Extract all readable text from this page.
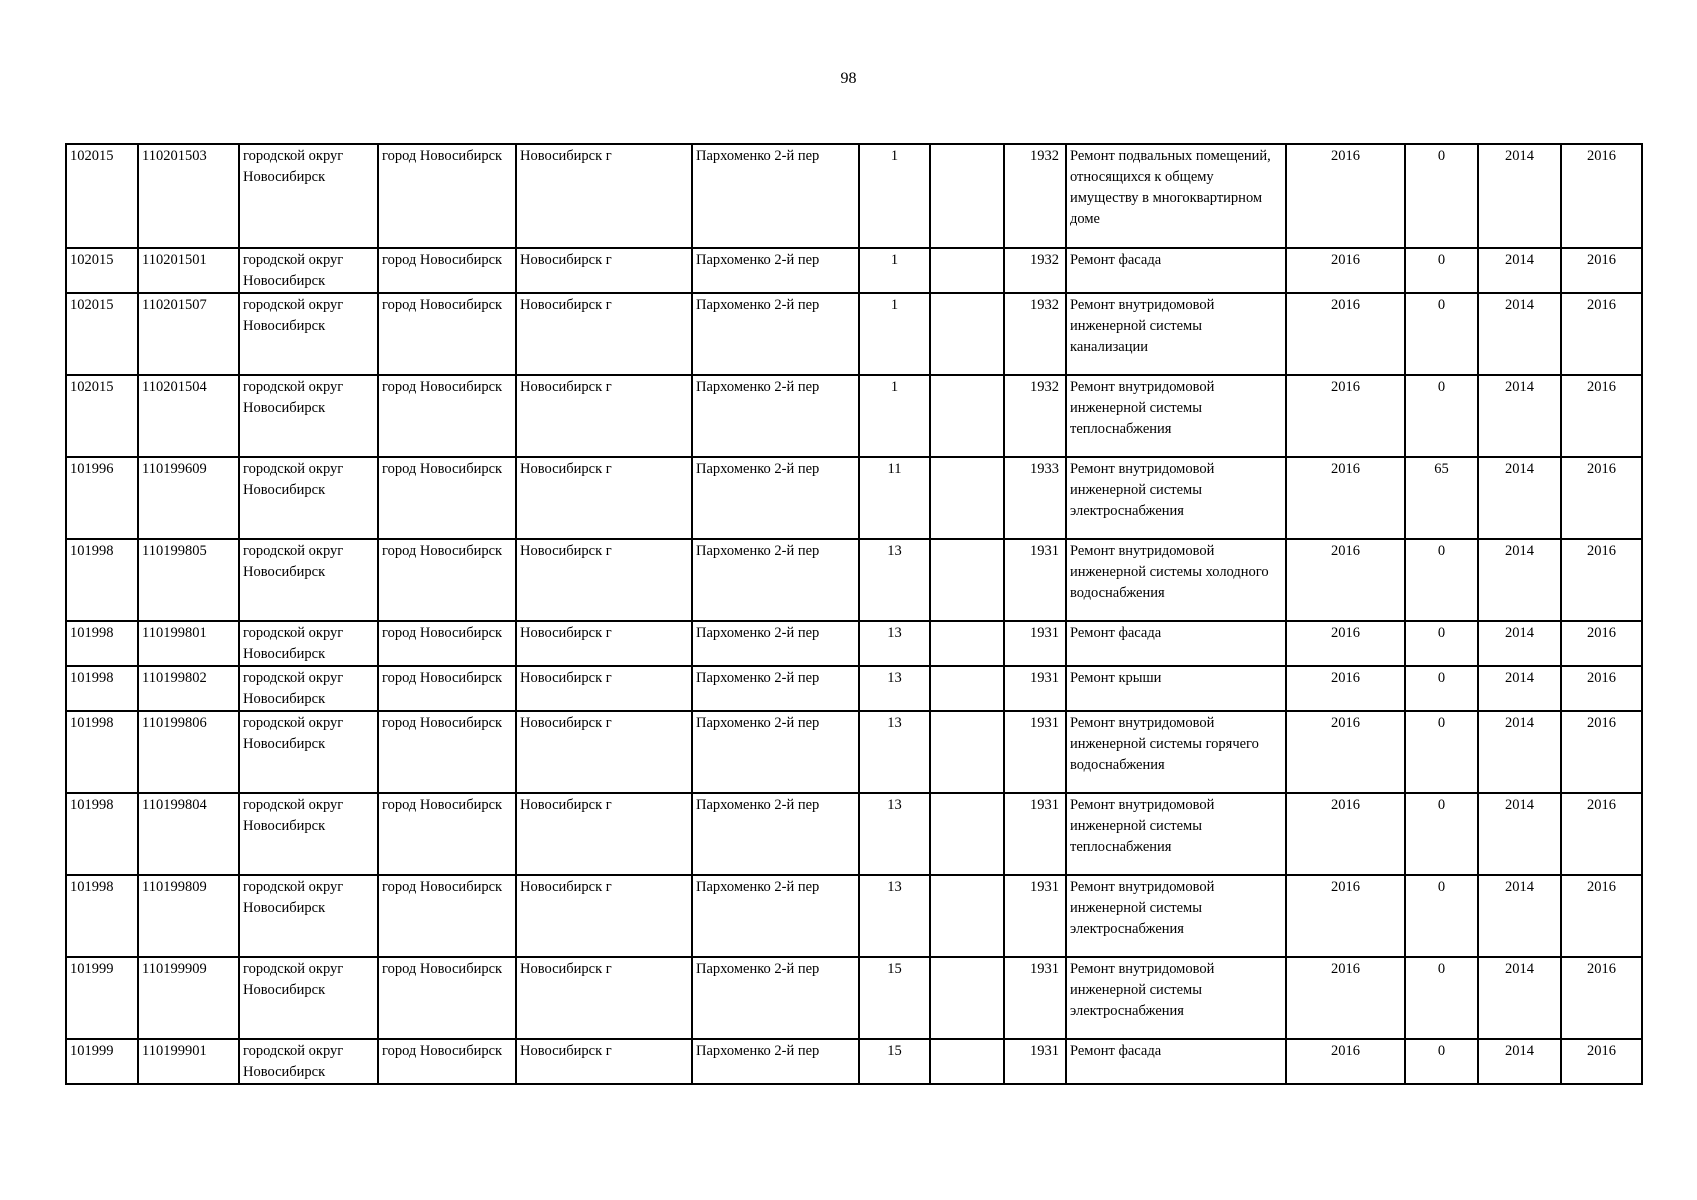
98
102015	110201503	городской округ Новосибирск	город Новосибирск	Новосибирск г	Пархоменко 2-й пер	1		1932	Ремонт подвальных помещений, относящихся к общему имуществу в многоквартирном доме	2016	0	2014	2016
102015	110201501	городской округ Новосибирск	город Новосибирск	Новосибирск г	Пархоменко 2-й пер	1		1932	Ремонт фасада	2016	0	2014	2016
102015	110201507	городской округ Новосибирск	город Новосибирск	Новосибирск г	Пархоменко 2-й пер	1		1932	Ремонт внутридомовой инженерной системы канализации	2016	0	2014	2016
102015	110201504	городской округ Новосибирск	город Новосибирск	Новосибирск г	Пархоменко 2-й пер	1		1932	Ремонт внутридомовой инженерной системы теплоснабжения	2016	0	2014	2016
101996	110199609	городской округ Новосибирск	город Новосибирск	Новосибирск г	Пархоменко 2-й пер	11		1933	Ремонт внутридомовой инженерной системы электроснабжения	2016	65	2014	2016
101998	110199805	городской округ Новосибирск	город Новосибирск	Новосибирск г	Пархоменко 2-й пер	13		1931	Ремонт внутридомовой инженерной системы холодного водоснабжения	2016	0	2014	2016
101998	110199801	городской округ Новосибирск	город Новосибирск	Новосибирск г	Пархоменко 2-й пер	13		1931	Ремонт фасада	2016	0	2014	2016
101998	110199802	городской округ Новосибирск	город Новосибирск	Новосибирск г	Пархоменко 2-й пер	13		1931	Ремонт крыши	2016	0	2014	2016
101998	110199806	городской округ Новосибирск	город Новосибирск	Новосибирск г	Пархоменко 2-й пер	13		1931	Ремонт внутридомовой инженерной системы горячего водоснабжения	2016	0	2014	2016
101998	110199804	городской округ Новосибирск	город Новосибирск	Новосибирск г	Пархоменко 2-й пер	13		1931	Ремонт внутридомовой инженерной системы теплоснабжения	2016	0	2014	2016
101998	110199809	городской округ Новосибирск	город Новосибирск	Новосибирск г	Пархоменко 2-й пер	13		1931	Ремонт внутридомовой инженерной системы электроснабжения	2016	0	2014	2016
101999	110199909	городской округ Новосибирск	город Новосибирск	Новосибирск г	Пархоменко 2-й пер	15		1931	Ремонт внутридомовой инженерной системы электроснабжения	2016	0	2014	2016
101999	110199901	городской округ Новосибирск	город Новосибирск	Новосибирск г	Пархоменко 2-й пер	15		1931	Ремонт фасада	2016	0	2014	2016
